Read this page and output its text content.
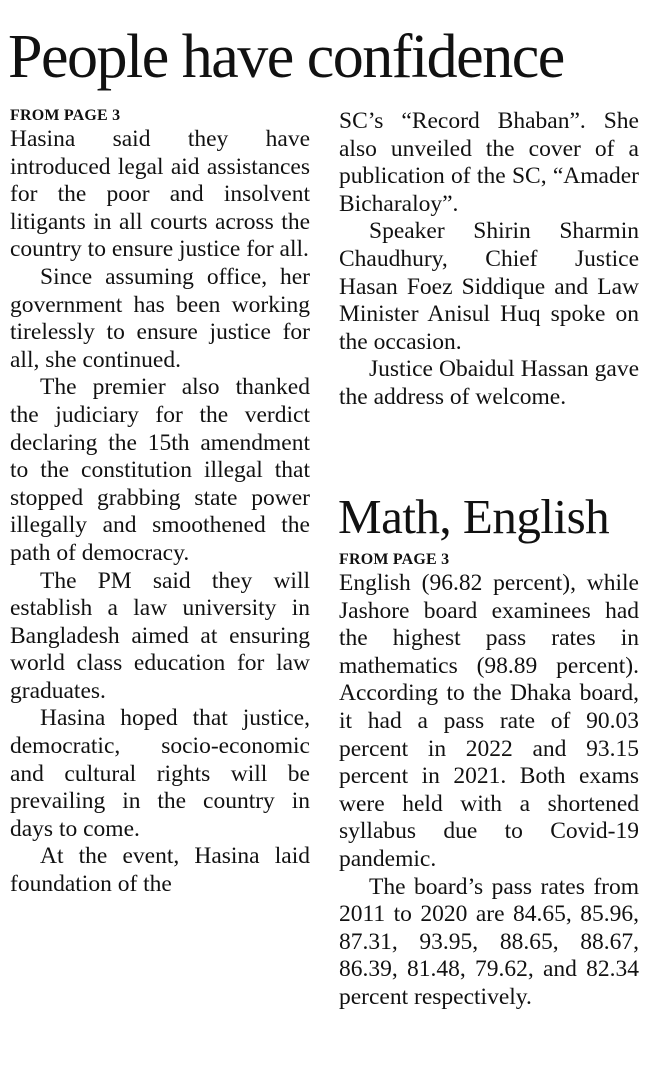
People have confidence
FROM PAGE 3

Hasina said they have introduced legal aid assistances for the poor and insolvent litigants in all courts across the country to ensure justice for all.

Since assuming office, her government has been working tirelessly to ensure justice for all, she continued.

The premier also thanked the judiciary for the verdict declaring the 15th amendment to the constitution illegal that stopped grabbing state power illegally and smoothened the path of democracy.

The PM said they will establish a law university in Bangladesh aimed at ensuring world class education for law graduates.

Hasina hoped that justice, democratic, socio-economic and cultural rights will be prevailing in the country in days to come.

At the event, Hasina laid foundation of the

SC’s “Record Bhaban”. She also unveiled the cover of a publication of the SC, “Amader Bicharaloy”.

Speaker Shirin Sharmin Chaudhury, Chief Justice Hasan Foez Siddique and Law Minister Anisul Huq spoke on the occasion.

Justice Obaidul Hassan gave the address of welcome.

Math, English
FROM PAGE 3

English (96.82 percent), while Jashore board examinees had the highest pass rates in mathematics (98.89 percent). According to the Dhaka board, it had a pass rate of 90.03 percent in 2022 and 93.15 percent in 2021. Both exams were held with a shortened syllabus due to Covid-19 pandemic.

The board’s pass rates from 2011 to 2020 are 84.65, 85.96, 87.31, 93.95, 88.65, 88.67, 86.39, 81.48, 79.62, and 82.34 percent respectively.
